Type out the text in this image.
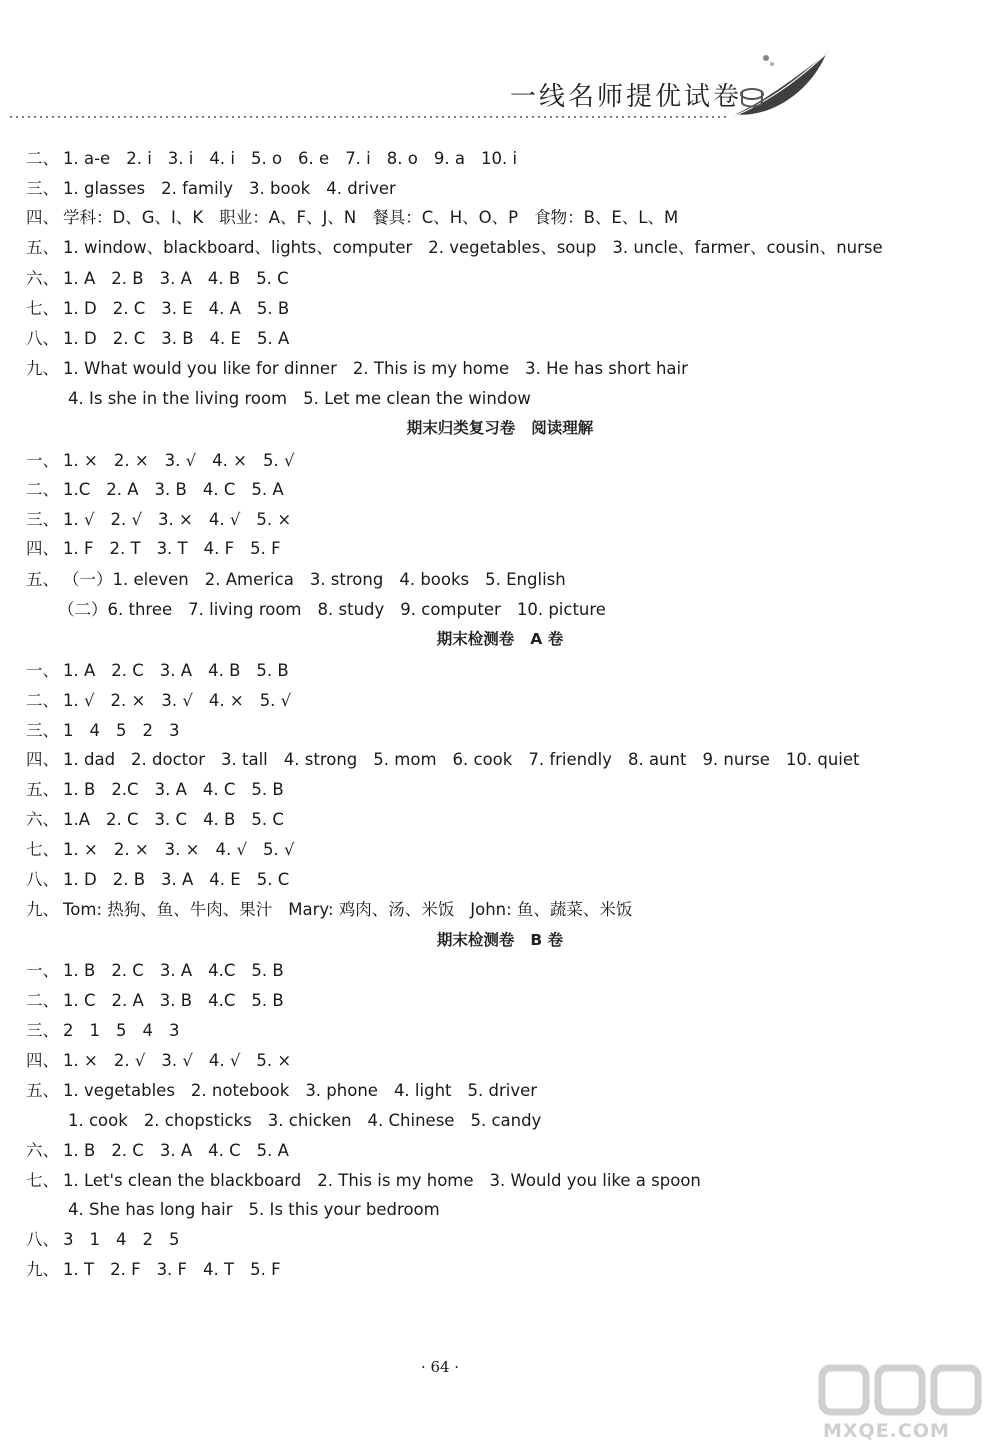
一线名师提优试卷
二、 1. a-e 2. i 3. i 4. i 5. o 6. e 7. i 8. o 9. a 10. i
三、 1. glasses 2. family 3. book 4. driver
四、 学科：D、G、I、K 职业：A、F、J、N 餐具：C、H、O、P 食物：B、E、L、M
五、 1. window、blackboard、lights、computer 2. vegetables、soup 3. uncle、farmer、cousin、nurse
六、 1. A 2. B 3. A 4. B 5. C
七、 1. D 2. C 3. E 4. A 5. B
八、 1. D 2. C 3. B 4. E 5. A
九、 1. What would you like for dinner 2. This is my home 3. He has short hair
4. Is she in the living room 5. Let me clean the window
一、 1. × 2. × 3. √ 4. × 5. √
二、 1.C 2. A 3. B 4. C 5. A
三、 1. √ 2. √ 3. × 4. √ 5. ×
四、 1. F 2. T 3. T 4. F 5. F
五、 （一）1. eleven 2. America 3. strong 4. books 5. English
（二）6. three 7. living room 8. study 9. computer 10. picture
一、 1. A 2. C 3. A 4. B 5. B
二、 1. √ 2. × 3. √ 4. × 5. √
三、 1 4 5 2 3
四、 1. dad 2. doctor 3. tall 4. strong 5. mom 6. cook 7. friendly 8. aunt 9. nurse 10. quiet
五、 1. B 2.C 3. A 4. C 5. B
六、 1.A 2. C 3. C 4. B 5. C
七、 1. × 2. × 3. × 4. √ 5. √
八、 1. D 2. B 3. A 4. E 5. C
九、 Tom: 热狗、鱼、牛肉、果汁 Mary: 鸡肉、汤、米饭 John: 鱼、蔬菜、米饭
一、 1. B 2. C 3. A 4.C 5. B
二、 1. C 2. A 3. B 4.C 5. B
三、 2 1 5 4 3
四、 1. × 2. √ 3. √ 4. √ 5. ×
五、 1. vegetables 2. notebook 3. phone 4. light 5. driver
1. cook 2. chopsticks 3. chicken 4. Chinese 5. candy
六、 1. B 2. C 3. A 4. C 5. A
七、 1. Let's clean the blackboard 2. This is my home 3. Would you like a spoon
4. She has long hair 5. Is this your bedroom
八、 3 1 4 2 5
九、 1. T 2. F 3. F 4. T 5. F
期末归类复习卷 阅读理解
期末检测卷 A 卷
期末检测卷 B 卷
· 64 ·
MXQE.COM
